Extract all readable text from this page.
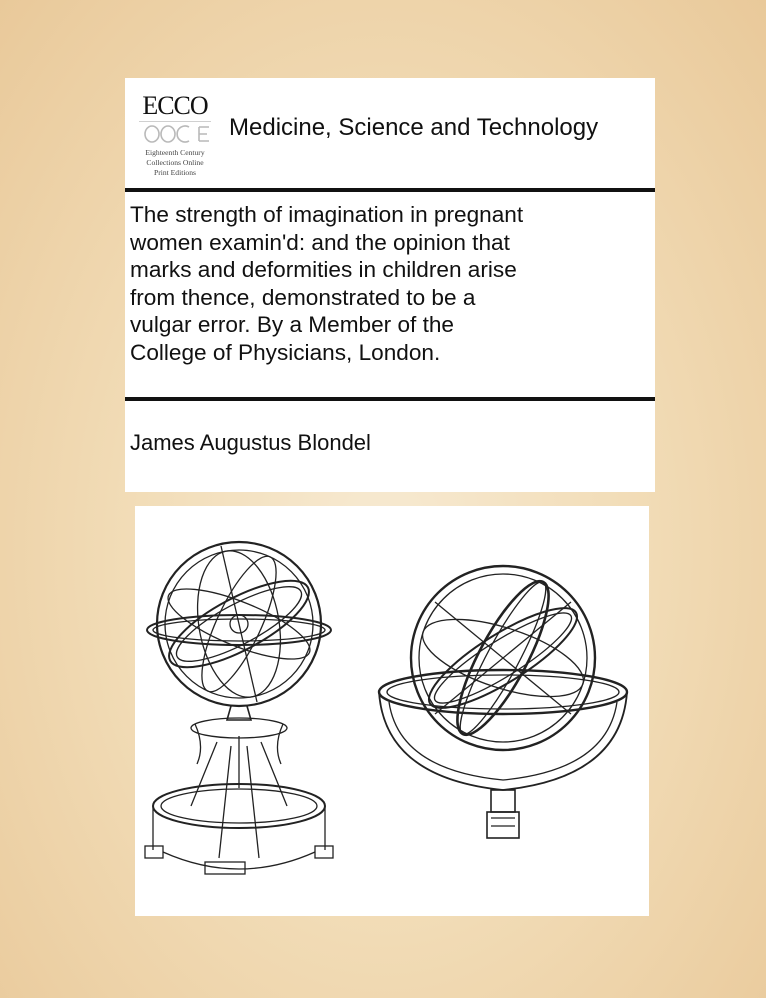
ECCO
Eighteenth Century
Collections Online
Print Editions
Medicine, Science and Technology
The strength of imagination in pregnant
women examin'd: and the opinion that
marks and deformities in children arise
from thence, demonstrated to be a
vulgar error. By a Member of the
College of Physicians, London.
James Augustus Blondel
